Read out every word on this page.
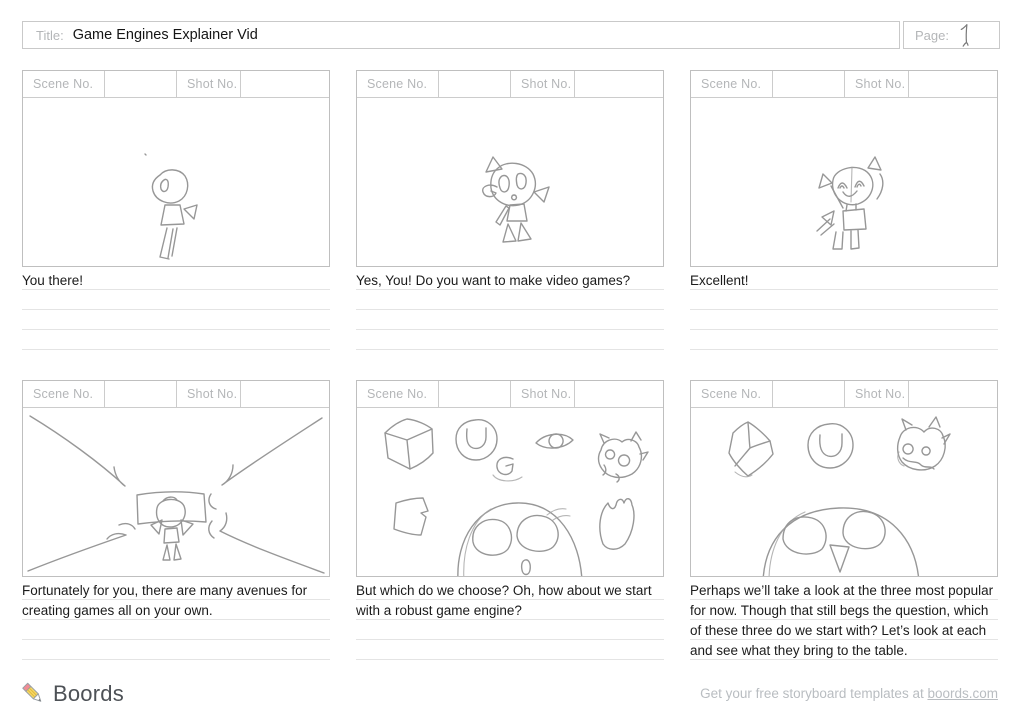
Title: Game Engines Explainer Vid	Page:
Scene No.	Shot No.
You there!
Scene No.	Shot No.
Yes, You! Do you want to make video games?
Scene No.	Shot No.
Excellent!
Scene No.	Shot No.
Fortunately for you, there are many avenues for creating games all on your own.
Scene No.	Shot No.
But which do we choose? Oh, how about we start with a robust game engine?
Scene No.	Shot No.
Perhaps we’ll take a look at the three most popular for now. Though that still begs the question, which of these three do we start with? Let’s look at each and see what they bring to the table.
Boords	Get your free storyboard templates at boords.com
